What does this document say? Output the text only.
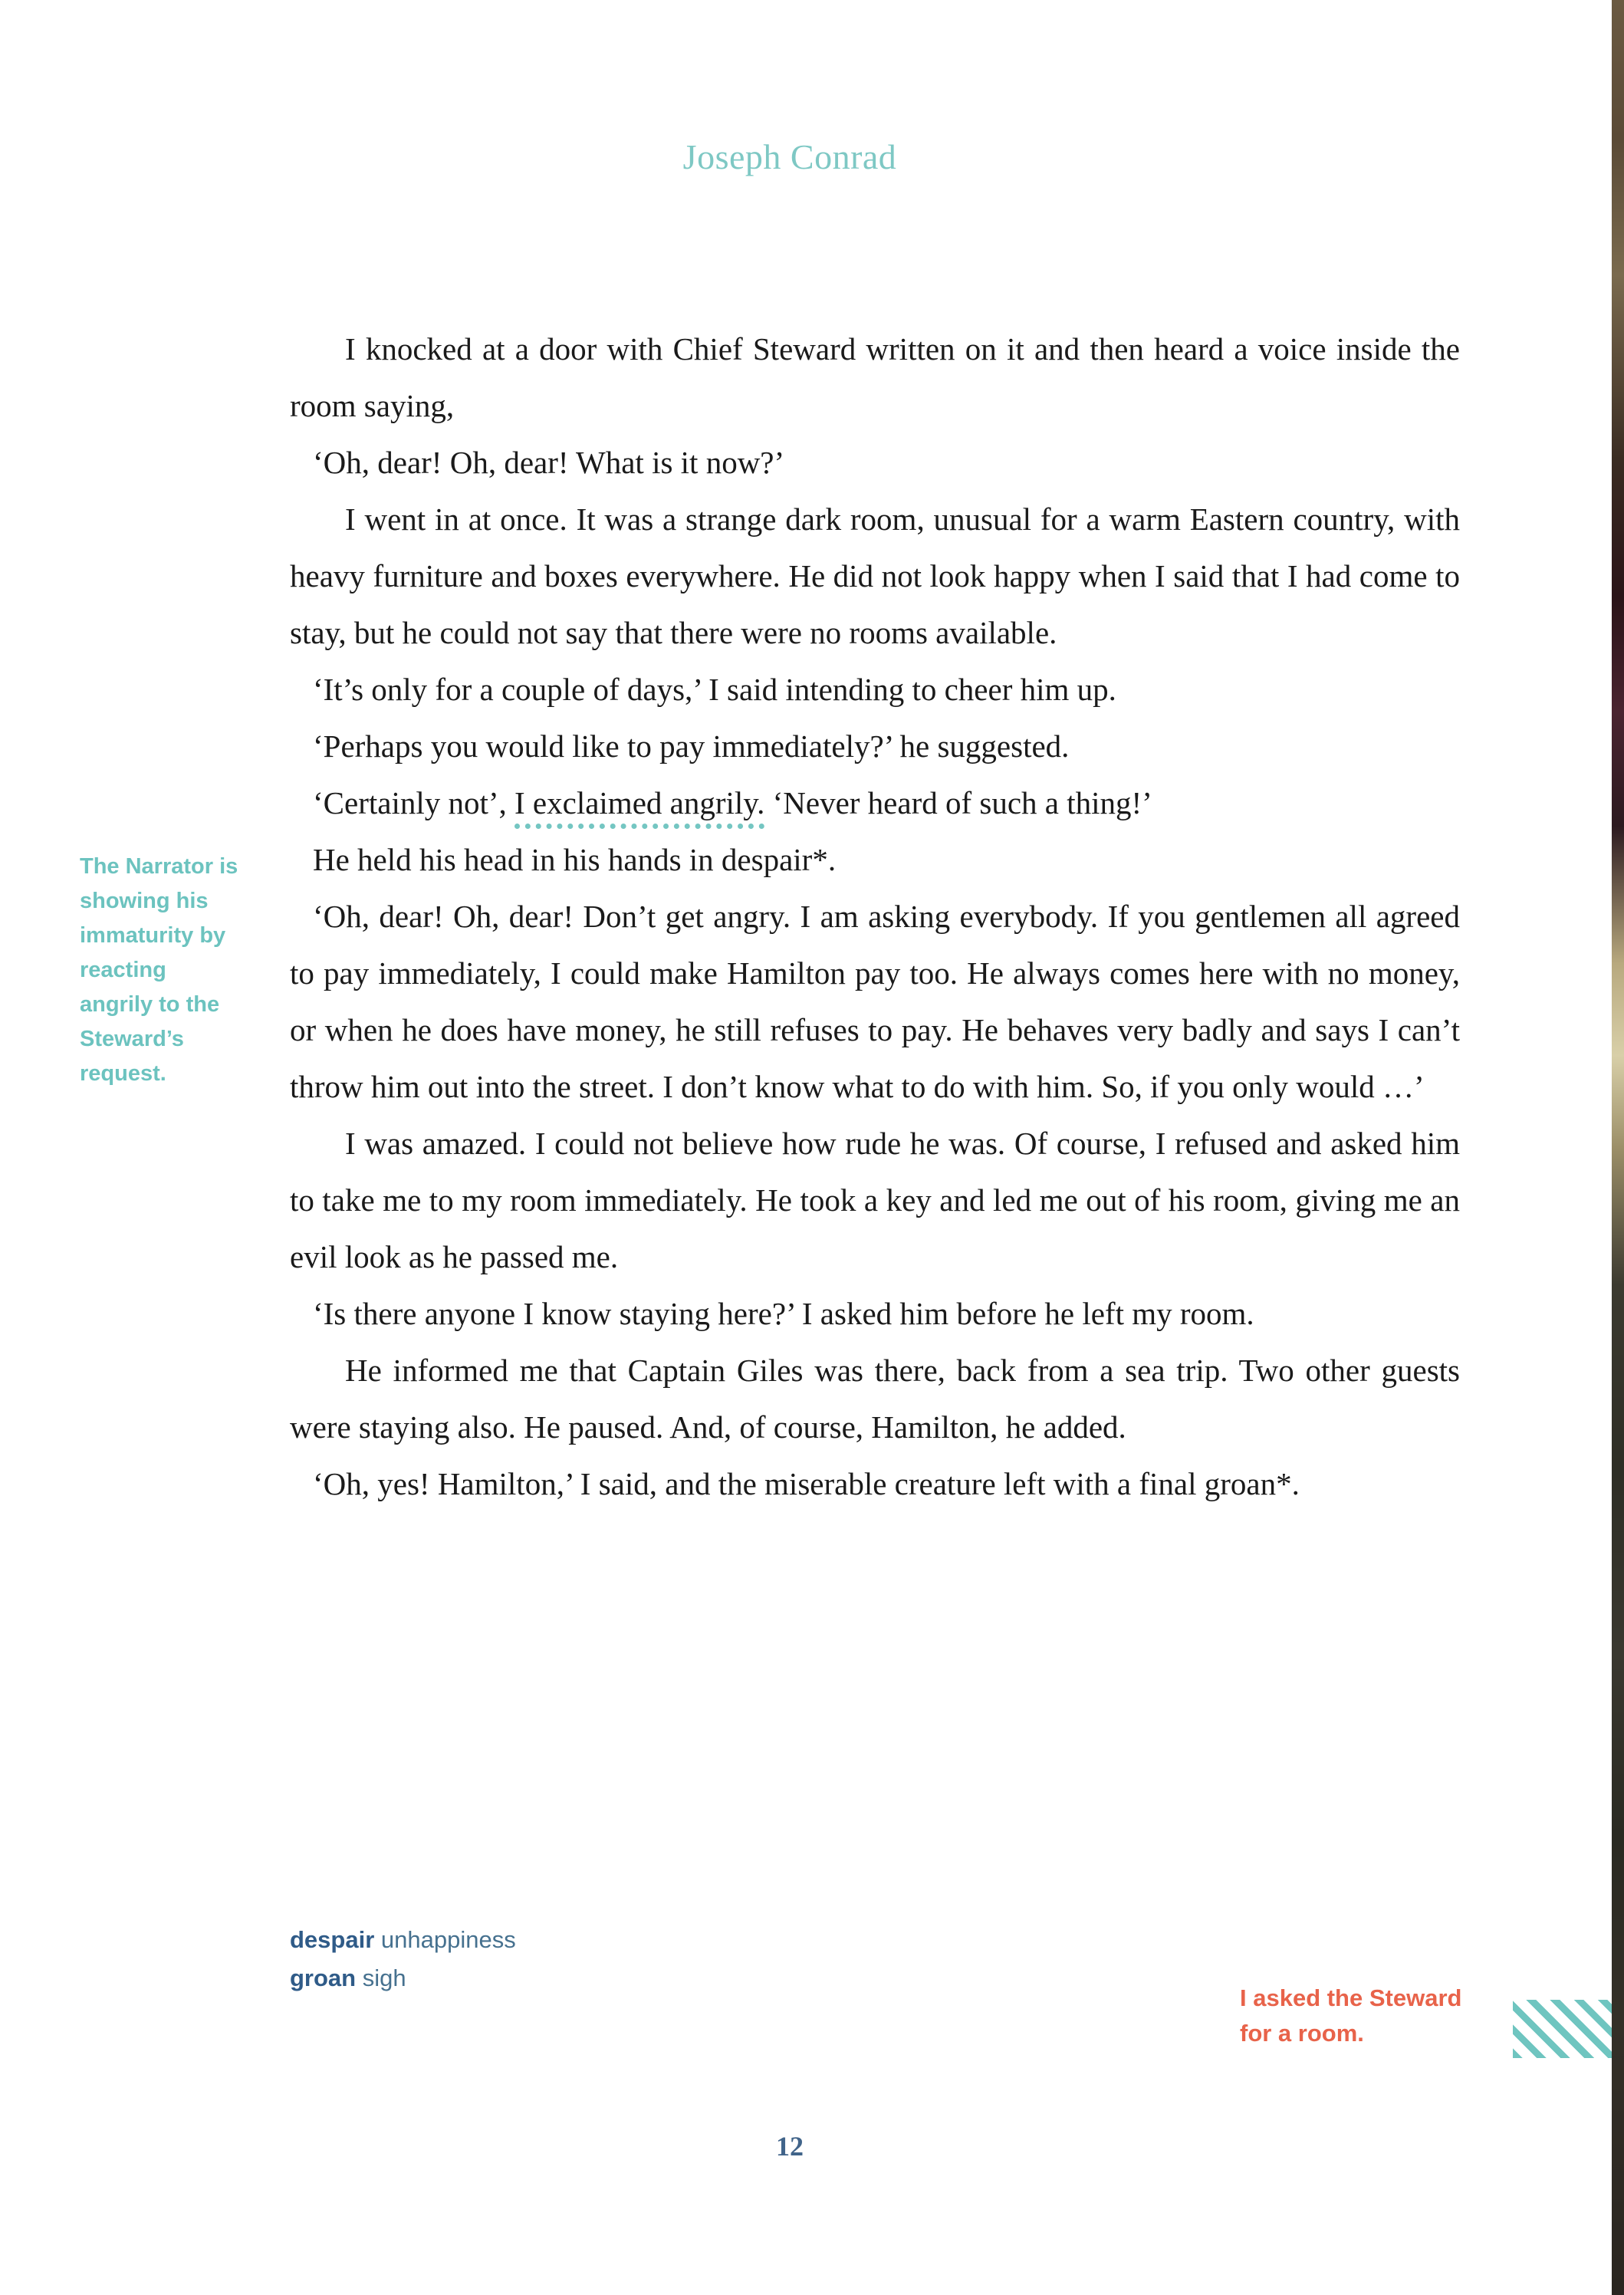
Joseph Conrad

I knocked at a door with Chief Steward written on it and then heard a voice inside the room saying,

‘Oh, dear! Oh, dear! What is it now?’

I went in at once. It was a strange dark room, unusual for a warm Eastern country, with heavy furniture and boxes everywhere. He did not look happy when I said that I had come to stay, but he could not say that there were no rooms available.

‘It’s only for a couple of days,’ I said intending to cheer him up.

‘Perhaps you would like to pay immediately?’ he suggested.

‘Certainly not’, I exclaimed angrily. ‘Never heard of such a thing!’

He held his head in his hands in despair*.

‘Oh, dear! Oh, dear! Don’t get angry. I am asking everybody. If you gentlemen all agreed to pay immediately, I could make Hamilton pay too. He always comes here with no money, or when he does have money, he still refuses to pay. He behaves very badly and says I can’t throw him out into the street. I don’t know what to do with him. So, if you only would …’

I was amazed. I could not believe how rude he was. Of course, I refused and asked him to take me to my room immediately. He took a key and led me out of his room, giving me an evil look as he passed me.

‘Is there anyone I know staying here?’ I asked him before he left my room.

He informed me that Captain Giles was there, back from a sea trip. Two other guests were staying also. He paused. And, of course, Hamilton, he added.

‘Oh, yes! Hamilton,’ I said, and the miserable creature left with a final groan*.

The Narrator is showing his immaturity by reacting angrily to the Steward’s request.
despair unhappiness
groan sigh
I asked the Steward for a room.
12
